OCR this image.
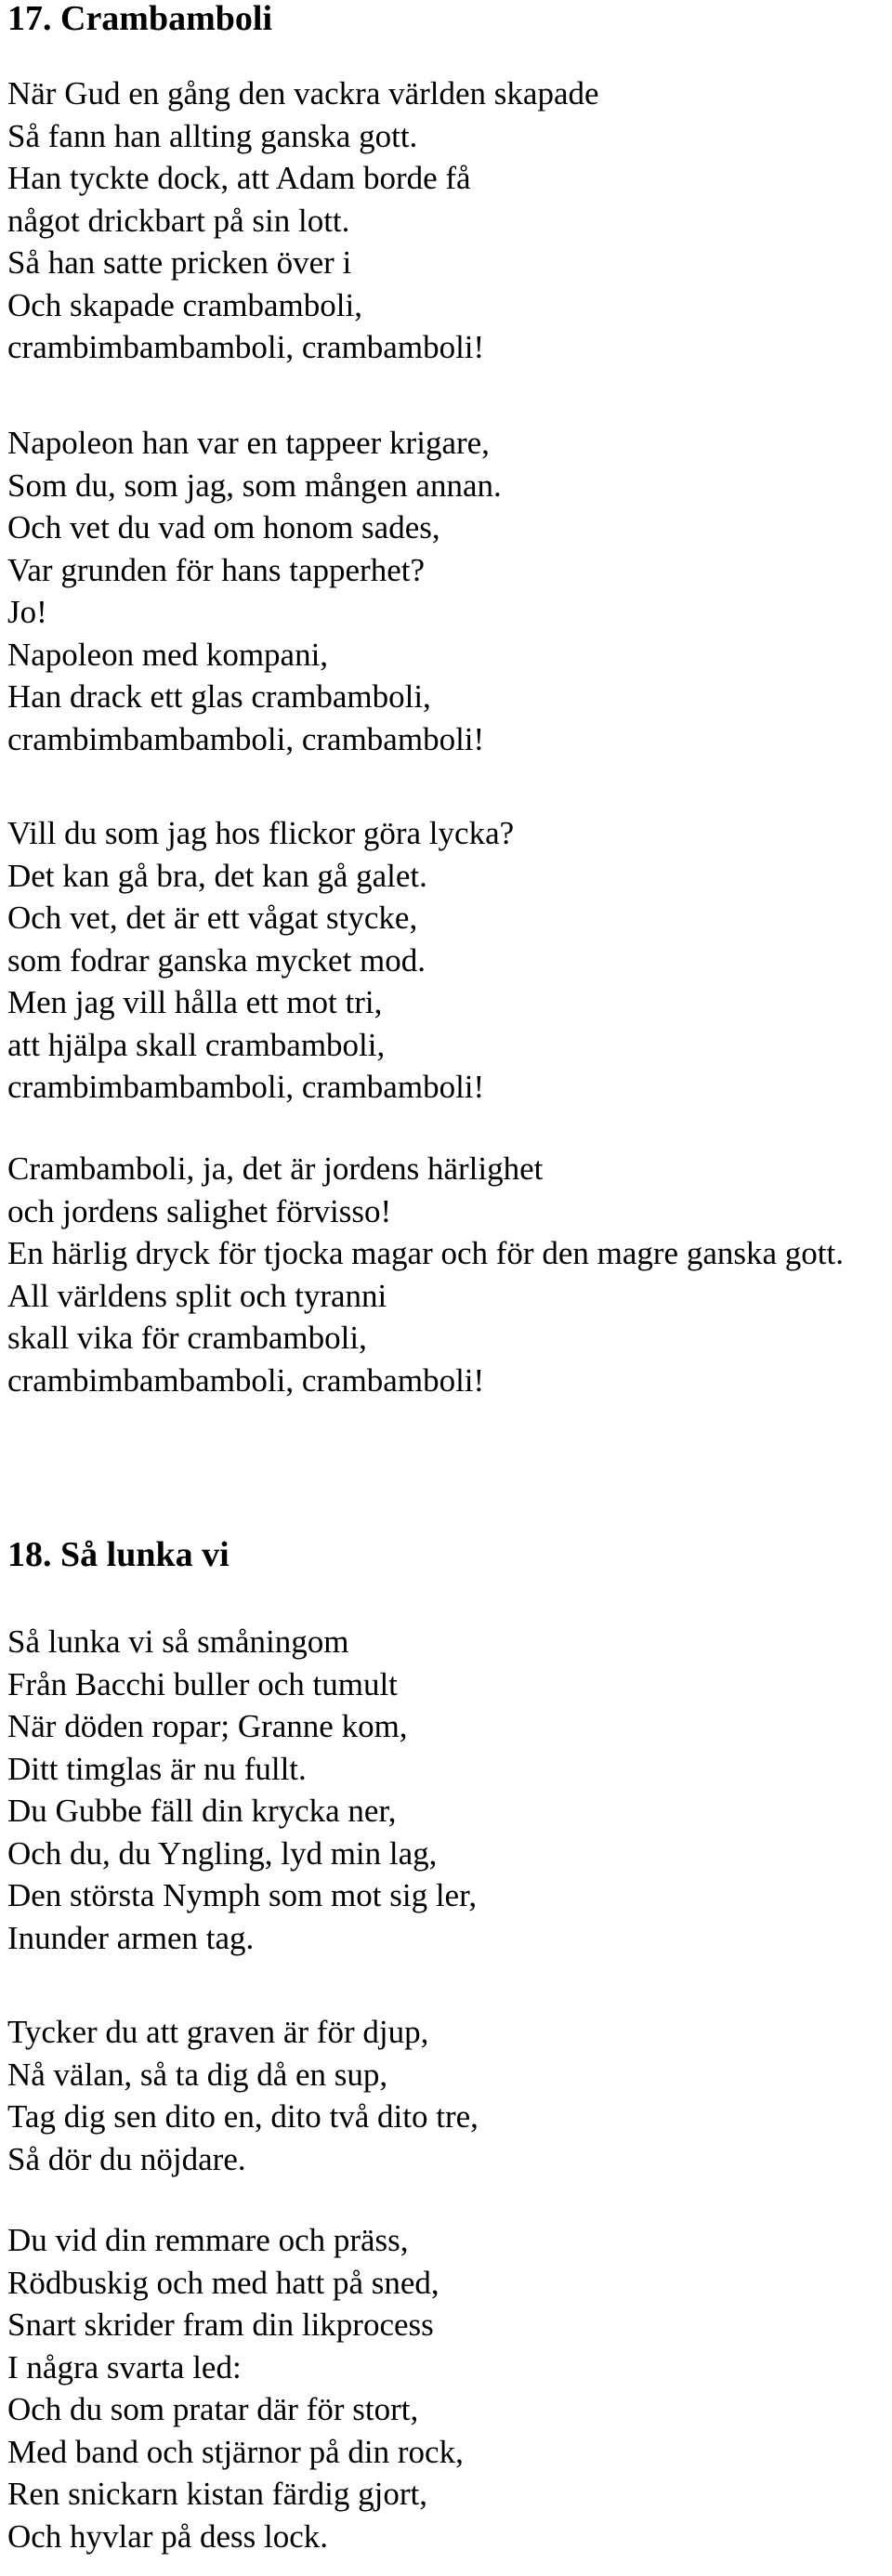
17. Crambamboli
När Gud en gång den vackra världen skapade
Så fann han allting ganska gott.
Han tyckte dock, att Adam borde få
något drickbart på sin lott.
Så han satte pricken över i
Och skapade crambamboli,
crambimbambamboli, crambamboli!
Napoleon han var en tappeer krigare,
Som du, som jag, som mången annan.
Och vet du vad om honom sades,
Var grunden för hans tapperhet?
Jo!
Napoleon med kompani,
Han drack ett glas crambamboli,
crambimbambamboli, crambamboli!
Vill du som jag hos flickor göra lycka?
Det kan gå bra, det kan gå galet.
Och vet, det är ett vågat stycke,
som fodrar ganska mycket mod.
Men jag vill hålla ett mot tri,
att hjälpa skall crambamboli,
crambimbambamboli, crambamboli!
Crambamboli, ja, det är jordens härlighet
och jordens salighet förvisso!
En härlig dryck för tjocka magar och för den magre ganska gott.
All världens split och tyranni
skall vika för crambamboli,
crambimbambamboli, crambamboli!
18. Så lunka vi
Så lunka vi så småningom
Från Bacchi buller och tumult
När döden ropar; Granne kom,
Ditt timglas är nu fullt.
Du Gubbe fäll din krycka ner,
Och du, du Yngling, lyd min lag,
Den största Nymph som mot sig ler,
Inunder armen tag.
Tycker du att graven är för djup,
Nå välan, så ta dig då en sup,
Tag dig sen dito en, dito två dito tre,
Så dör du nöjdare.
Du vid din remmare och präss,
Rödbuskig och med hatt på sned,
Snart skrider fram din likprocess
I några svarta led:
Och du som pratar där för stort,
Med band och stjärnor på din rock,
Ren snickarn kistan färdig gjort,
Och hyvlar på dess lock.
